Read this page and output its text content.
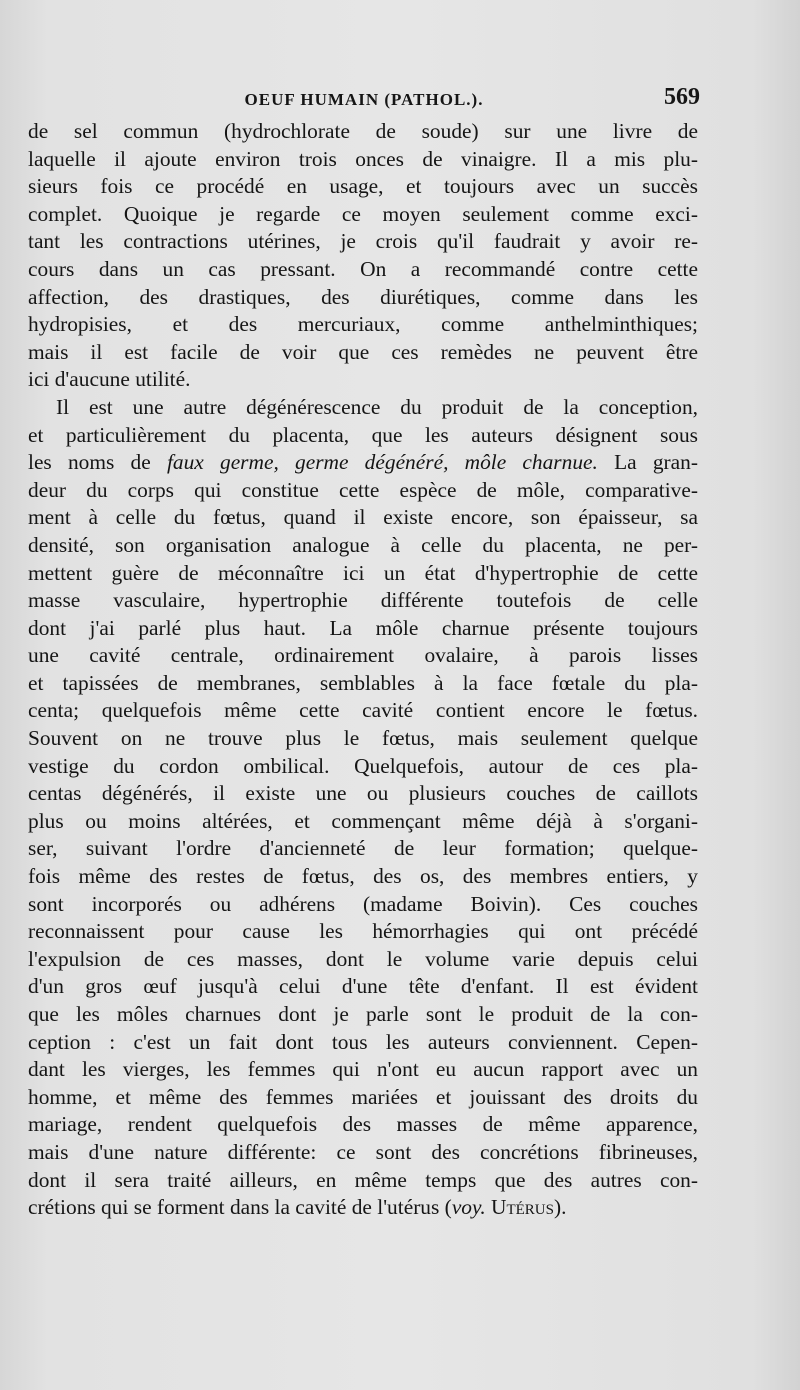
OEUF HUMAIN (PATHOL.).	569
de sel commun (hydrochlorate de soude) sur une livre de
laquelle il ajoute environ trois onces de vinaigre. Il a mis plu-
sieurs fois ce procédé en usage, et toujours avec un succès
complet. Quoique je regarde ce moyen seulement comme exci-
tant les contractions utérines, je crois qu'il faudrait y avoir re-
cours dans un cas pressant. On a recommandé contre cette
affection, des drastiques, des diurétiques, comme dans les
hydropisies, et des mercuriaux, comme anthelminthiques;
mais il est facile de voir que ces remèdes ne peuvent être
ici d'aucune utilité.
Il est une autre dégénérescence du produit de la conception,
et particulièrement du placenta, que les auteurs désignent sous
les noms de faux germe, germe dégénéré, môle charnue. La gran-
deur du corps qui constitue cette espèce de môle, comparative-
ment à celle du fœtus, quand il existe encore, son épaisseur, sa
densité, son organisation analogue à celle du placenta, ne per-
mettent guère de méconnaître ici un état d'hypertrophie de cette
masse vasculaire, hypertrophie différente toutefois de celle
dont j'ai parlé plus haut. La môle charnue présente toujours
une cavité centrale, ordinairement ovalaire, à parois lisses
et tapissées de membranes, semblables à la face fœtale du pla-
centa; quelquefois même cette cavité contient encore le fœtus.
Souvent on ne trouve plus le fœtus, mais seulement quelque
vestige du cordon ombilical. Quelquefois, autour de ces pla-
centas dégénérés, il existe une ou plusieurs couches de caillots
plus ou moins altérées, et commençant même déjà à s'organi-
ser, suivant l'ordre d'ancienneté de leur formation; quelque-
fois même des restes de fœtus, des os, des membres entiers, y
sont incorporés ou adhérens (madame Boivin). Ces couches
reconnaissent pour cause les hémorrhagies qui ont précédé
l'expulsion de ces masses, dont le volume varie depuis celui
d'un gros œuf jusqu'à celui d'une tête d'enfant. Il est évident
que les môles charnues dont je parle sont le produit de la con-
ception : c'est un fait dont tous les auteurs conviennent. Cepen-
dant les vierges, les femmes qui n'ont eu aucun rapport avec un
homme, et même des femmes mariées et jouissant des droits du
mariage, rendent quelquefois des masses de même apparence,
mais d'une nature différente: ce sont des concrétions fibrineuses,
dont il sera traité ailleurs, en même temps que des autres con-
crétions qui se forment dans la cavité de l'utérus (voy. Utérus).
